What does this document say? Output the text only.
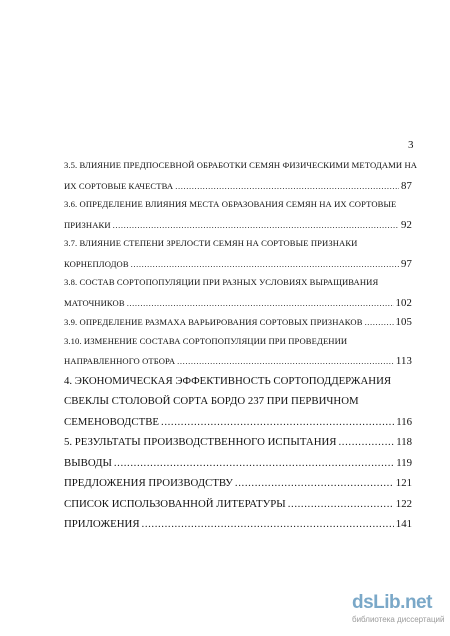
3
3.5. ВЛИЯНИЕ ПРЕДПОСЕВНОЙ ОБРАБОТКИ СЕМЯН ФИЗИЧЕСКИМИ МЕТОДАМИ НА
ИХ СОРТОВЫЕ КАЧЕСТВА .....	87
3.6. ОПРЕДЕЛЕНИЕ ВЛИЯНИЯ МЕСТА ОБРАЗОВАНИЯ СЕМЯН НА ИХ СОРТОВЫЕ
ПРИЗНАКИ .....	92
3.7. ВЛИЯНИЕ СТЕПЕНИ ЗРЕЛОСТИ СЕМЯН НА СОРТОВЫЕ ПРИЗНАКИ
КОРНЕПЛОДОВ .....	97
3.8. СОСТАВ СОРТОПОПУЛЯЦИИ ПРИ РАЗНЫХ УСЛОВИЯХ ВЫРАЩИВАНИЯ
МАТОЧНИКОВ .....	102
3.9. ОПРЕДЕЛЕНИЕ РАЗМАХА ВАРЬИРОВАНИЯ СОРТОВЫХ ПРИЗНАКОВ .....	105
3.10. ИЗМЕНЕНИЕ СОСТАВА СОРТОПОПУЛЯЦИИ ПРИ ПРОВЕДЕНИИ
НАПРАВЛЕННОГО ОТБОРА .....	113
4. ЭКОНОМИЧЕСКАЯ ЭФФЕКТИВНОСТЬ СОРТОПОДДЕРЖАНИЯ
СВЕКЛЫ СТОЛОВОЙ СОРТА БОРДО 237 ПРИ ПЕРВИЧНОМ
СЕМЕНОВОДСТВЕ .....	116
5. РЕЗУЛЬТАТЫ ПРОИЗВОДСТВЕННОГО ИСПЫТАНИЯ .....	118
ВЫВОДЫ .....	119
ПРЕДЛОЖЕНИЯ ПРОИЗВОДСТВУ .....	121
СПИСОК ИСПОЛЬЗОВАННОЙ ЛИТЕРАТУРЫ .....	122
ПРИЛОЖЕНИЯ .....	141
dsLib.net
библиотека диссертаций
